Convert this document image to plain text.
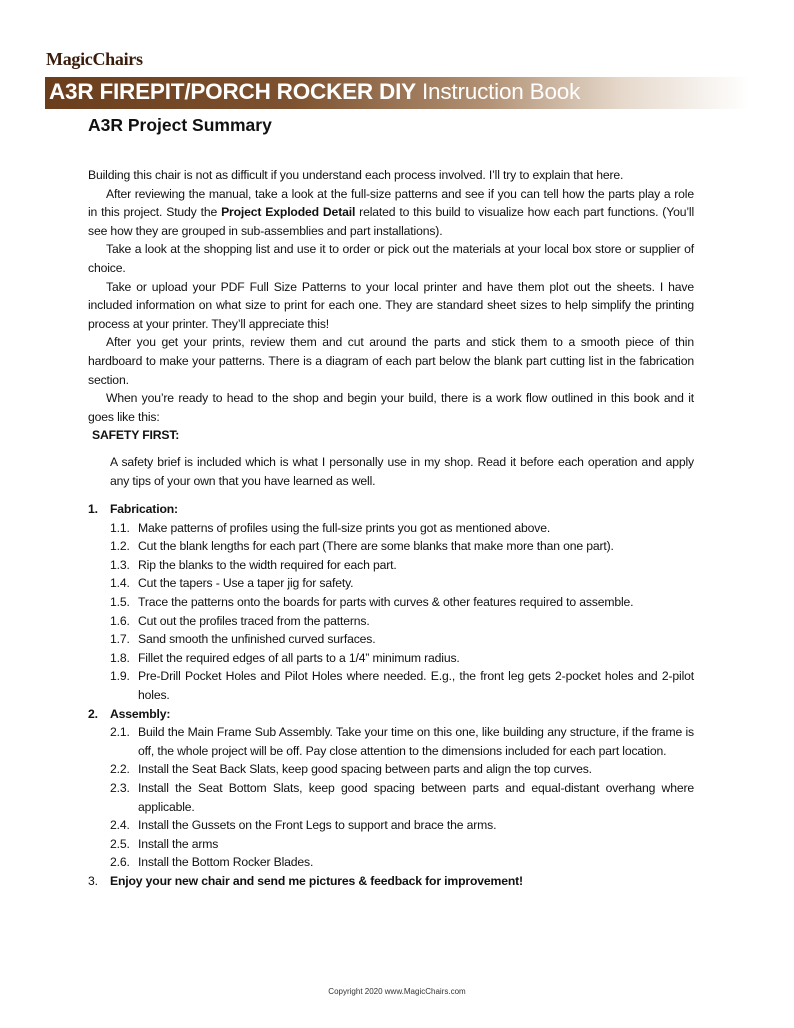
MagicChairs
A3R FIREPIT/PORCH ROCKER DIY Instruction Book
A3R Project Summary

Building this chair is not as difficult if you understand each process involved. I’ll try to explain that here.

After reviewing the manual, take a look at the full-size patterns and see if you can tell how the parts play a role in this project. Study the Project Exploded Detail related to this build to visualize how each part functions. (You’ll see how they are grouped in sub-assemblies and part installations).

Take a look at the shopping list and use it to order or pick out the materials at your local box store or supplier of choice.

Take or upload your PDF Full Size Patterns to your local printer and have them plot out the sheets. I have included information on what size to print for each one. They are standard sheet sizes to help simplify the printing process at your printer. They’ll appreciate this!

After you get your prints, review them and cut around the parts and stick them to a smooth piece of thin hardboard to make your patterns. There is a diagram of each part below the blank part cutting list in the fabrication section.

When you’re ready to head to the shop and begin your build, there is a work flow outlined in this book and it goes like this:

SAFETY FIRST:

A safety brief is included which is what I personally use in my shop. Read it before each operation and apply any tips of your own that you have learned as well.

1. Fabrication:
1.1. Make patterns of profiles using the full-size prints you got as mentioned above.
1.2. Cut the blank lengths for each part (There are some blanks that make more than one part).
1.3. Rip the blanks to the width required for each part.
1.4. Cut the tapers - Use a taper jig for safety.
1.5. Trace the patterns onto the boards for parts with curves & other features required to assemble.
1.6. Cut out the profiles traced from the patterns.
1.7. Sand smooth the unfinished curved surfaces.
1.8. Fillet the required edges of all parts to a 1/4” minimum radius.
1.9. Pre-Drill Pocket Holes and Pilot Holes where needed. E.g., the front leg gets 2-pocket holes and 2-pilot holes.
2. Assembly:
2.1. Build the Main Frame Sub Assembly. Take your time on this one, like building any structure, if the frame is off, the whole project will be off. Pay close attention to the dimensions included for each part location.
2.2. Install the Seat Back Slats, keep good spacing between parts and align the top curves.
2.3. Install the Seat Bottom Slats, keep good spacing between parts and equal-distant overhang where applicable.
2.4. Install the Gussets on the Front Legs to support and brace the arms.
2.5. Install the arms
2.6. Install the Bottom Rocker Blades.
3. Enjoy your new chair and send me pictures & feedback for improvement!
Copyright 2020 www.MagicChairs.com
